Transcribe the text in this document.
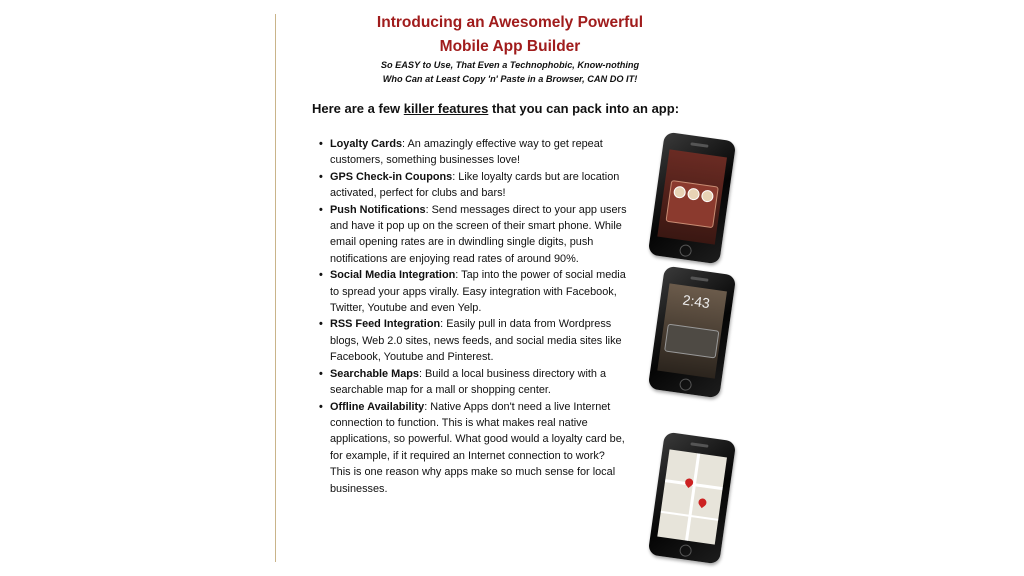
Introducing an Awesomely Powerful
Mobile App Builder
So EASY to Use, That Even a Technophobic, Know-nothing
Who Can at Least Copy 'n' Paste in a Browser, CAN DO IT!
Here are a few killer features that you can pack into an app:
• Loyalty Cards: An amazingly effective way to get repeat customers, something businesses love!
• GPS Check-in Coupons: Like loyalty cards but are location activated, perfect for clubs and bars!
• Push Notifications: Send messages direct to your app users and have it pop up on the screen of their smart phone. While email opening rates are in dwindling single digits, push notifications are enjoying read rates of around 90%.
• Social Media Integration: Tap into the power of social media to spread your apps virally. Easy integration with Facebook, Twitter, Youtube and even Yelp.
• RSS Feed Integration: Easily pull in data from Wordpress blogs, Web 2.0 sites, news feeds, and social media sites like Facebook, Youtube and Pinterest.
• Searchable Maps: Build a local business directory with a searchable map for a mall or shopping center.
• Offline Availability: Native Apps don't need a live Internet connection to function. This is what makes real native applications, so powerful. What good would a loyalty card be, for example, if it required an Internet connection to work? This is one reason why apps make so much sense for local businesses.
2:43
